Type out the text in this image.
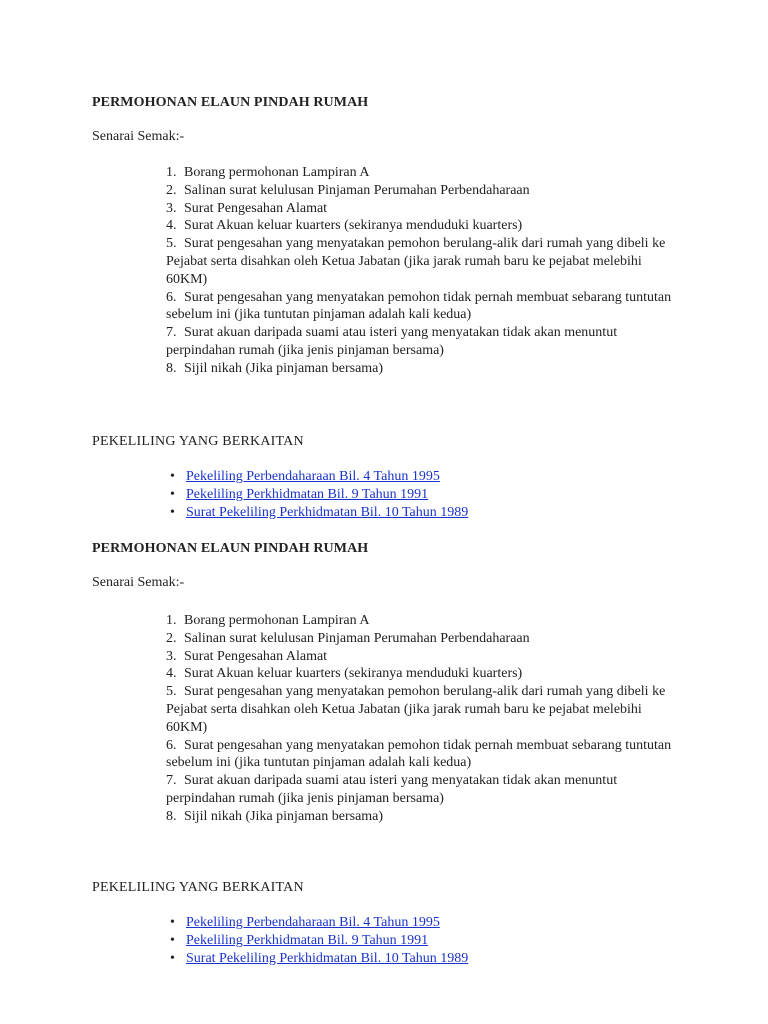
PERMOHONAN ELAUN PINDAH RUMAH

Senarai Semak:-

1. Borang permohonan Lampiran A
2. Salinan surat kelulusan Pinjaman Perumahan Perbendaharaan
3. Surat Pengesahan Alamat
4. Surat Akuan keluar kuarters (sekiranya menduduki kuarters)
5. Surat pengesahan yang menyatakan pemohon berulang-alik dari rumah yang dibeli ke Pejabat serta disahkan oleh Ketua Jabatan (jika jarak rumah baru ke pejabat melebihi 60KM)
6. Surat pengesahan yang menyatakan pemohon tidak pernah membuat sebarang tuntutan sebelum ini (jika tuntutan pinjaman adalah kali kedua)
7. Surat akuan daripada suami atau isteri yang menyatakan tidak akan menuntut perpindahan rumah (jika jenis pinjaman bersama)
8. Sijil nikah (Jika pinjaman bersama)

PEKELILING YANG BERKAITAN

• Pekeliling Perbendaharaan Bil. 4 Tahun 1995
• Pekeliling Perkhidmatan Bil. 9 Tahun 1991
• Surat Pekeliling Perkhidmatan Bil. 10 Tahun 1989

PERMOHONAN ELAUN PINDAH RUMAH

Senarai Semak:-

1. Borang permohonan Lampiran A
2. Salinan surat kelulusan Pinjaman Perumahan Perbendaharaan
3. Surat Pengesahan Alamat
4. Surat Akuan keluar kuarters (sekiranya menduduki kuarters)
5. Surat pengesahan yang menyatakan pemohon berulang-alik dari rumah yang dibeli ke Pejabat serta disahkan oleh Ketua Jabatan (jika jarak rumah baru ke pejabat melebihi 60KM)
6. Surat pengesahan yang menyatakan pemohon tidak pernah membuat sebarang tuntutan sebelum ini (jika tuntutan pinjaman adalah kali kedua)
7. Surat akuan daripada suami atau isteri yang menyatakan tidak akan menuntut perpindahan rumah (jika jenis pinjaman bersama)
8. Sijil nikah (Jika pinjaman bersama)

PEKELILING YANG BERKAITAN

• Pekeliling Perbendaharaan Bil. 4 Tahun 1995
• Pekeliling Perkhidmatan Bil. 9 Tahun 1991
• Surat Pekeliling Perkhidmatan Bil. 10 Tahun 1989
